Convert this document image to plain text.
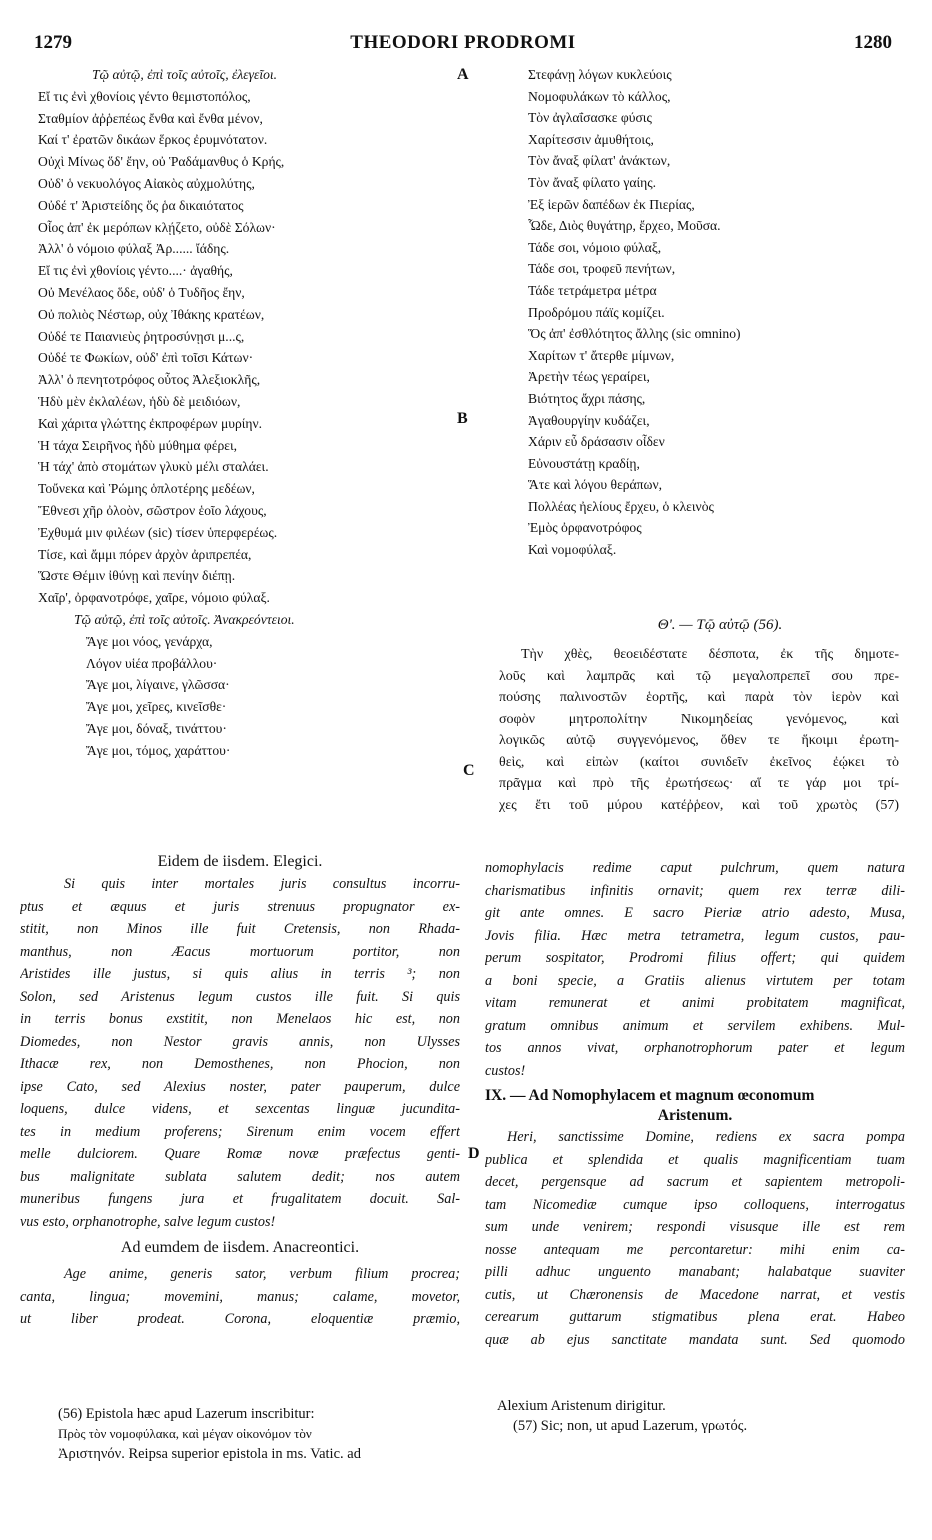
1279	THEODORI PRODROMI	1280
A
B
C
D
Τῷ αὐτῷ, ἐπὶ τοῖς αὐτοῖς, ἐλεγεῖοι.
Εἴ τις ἐνὶ χθονίοις γέντο θεμιστοπόλος,
Σταθμίον ἀῤῥεπέως ἔνθα καὶ ἔνθα μένον,
Καί τ' ἐρατῶν δικάων ἕρκος ἐρυμνότατον.
Οὐχὶ Μίνως ὅδ' ἔην, οὐ Ῥαδάμανθυς ὁ Κρής,
Οὐδ' ὁ νεκυολόγος Αἰακὸς αὐχμολύτης,
Οὐδέ τ' Ἀριστείδης ὅς ῥα δικαιότατος
Οἷος ἀπ' ἐκ μερόπων κλῄζετο, οὐδὲ Σόλων·
Ἀλλ' ὁ νόμοιο φύλαξ Ἀρ...... ἴάδης.
Εἴ τις ἐνὶ χθονίοις γέντο....· ἀγαθής,
Οὐ Μενέλαος ὅδε, οὐδ' ὁ Τυδῆος ἔην,
Οὐ πολιὸς Νέστωρ, οὐχ Ἰθάκης κρατέων,
Οὐδέ τε Παιανιεὺς ῥητροσύνῃσι μ...ς,
Οὐδέ τε Φωκίων, οὐδ' ἐπὶ τοῖσι Κάτων·
Ἀλλ' ὁ πενητοτρόφος οὗτος Ἀλεξιοκλῆς,
Ἡδὺ μὲν ἐκλαλέων, ἡδὺ δὲ μειδιόων,
Καὶ χάριτα γλώττης ἐκπροφέρων μυρίην.
Ἡ τάχα Σειρῆνος ἡδὺ μύθημα φέρει,
Ἡ τάχ' ἀπὸ στομάτων γλυκὺ μέλι σταλάει.
Τοὔνεκα καὶ Ῥώμης ὁπλοτέρης μεδέων,
Ἔθνεσι χῆρ ὀλοὸν, σῶστρον ἑοῖο λάχους,
Ἐχθυμά μιν φιλέων (sic) τίσεν ὑπερφερέως.
Τίσε, καὶ ἄμμι πόρεν ἀρχὸν ἀριπρεπέα,
Ὥστε Θέμιν ἰθύνῃ καὶ πενίην διέπῃ.
Χαῖρ', ὀρφανοτρόφε, χαῖρε, νόμοιο φύλαξ.
Τῷ αὐτῷ, ἐπὶ τοῖς αὐτοῖς. Ἀνακρεόντειοι.
Ἄγε μοι νόος, γενάρχα,
Λόγον υἱέα προβάλλου·
Ἄγε μοι, λίγαινε, γλῶσσα·
Ἄγε μοι, χεῖρες, κινεῖσθε·
Ἄγε μοι, δόναξ, τινάττου·
Ἄγε μοι, τόμος, χαράττου·
Στεφάνῃ λόγων κυκλεύοις
Νομοφυλάκων τὸ κάλλος,
Τὸν ἀγλαΐσασκε φύσις
Χαρίτεσσιν ἀμυθήτοις,
Τὸν ἄναξ φίλατ' ἀνάκτων,
Τὸν ἄναξ φίλατο γαίης.
Ἐξ ἱερῶν δαπέδων ἐκ Πιερίας,
Ὧδε, Διὸς θυγάτηρ, ἔρχεο, Μοῦσα.
Τάδε σοι, νόμοιο φύλαξ,
Τάδε σοι, τροφεῦ πενήτων,
Τάδε τετράμετρα μέτρα
Προδρόμου πάϊς κομίζει.
Ὅς ἀπ' ἐσθλότητος ἄλλης (sic omnino)
Χαρίτων τ' ἄτερθε μίμνων,
Ἀρετὴν τέως γεραίρει,
Βιότητος ἄχρι πάσης,
Ἀγαθουργίην κυδάζει,
Χάριν εὖ δράσασιν οἶδεν
Εὐνουστάτῃ κραδίῃ,
Ἅτε καὶ λόγου θεράπων,
Πολλέας ἠελίους ἔρχευ, ὁ κλεινὸς
Ἐμὸς ὀρφανοτρόφος
Καὶ νομοφύλαξ.
Θ'. — Τῷ αὐτῷ (56).
Τὴν χθὲς, θεοειδέστατε δέσποτα, ἐκ τῆς δημοτε-
λοῦς καὶ λαμπρᾶς καὶ τῷ μεγαλοπρεπεῖ σου πρε-
πούσης παλινοστῶν ἑορτῆς, καὶ παρὰ τὸν ἱερὸν καὶ
σοφὸν μητροπολίτην Νικομηδείας γενόμενος, καὶ
λογικῶς αὐτῷ συγγενόμενος, ὅθεν τε ἥκοιμι ἐρωτη-
θεὶς, καὶ εἰπὼν (καίτοι συνιδεῖν ἐκεῖνος ἐῴκει τὸ
πρᾶγμα καὶ πρὸ τῆς ἐρωτήσεως· αἵ τε γάρ μοι τρί-
χες ἔτι τοῦ μύρου κατέῤῥεον, καὶ τοῦ χρωτὸς (57)
Eidem de iisdem. Elegici.
Si quis inter mortales juris consultus incorru-
ptus et æquus et juris strenuus propugnator ex-
stitit, non Minos ille fuit Cretensis, non Rhada-
manthus, non Æacus mortuorum portitor, non
Aristides ille justus, si quis alius in terris ³; non
Solon, sed Aristenus legum custos ille fuit. Si quis
in terris bonus exstitit, non Menelaos hic est, non
Diomedes, non Nestor gravis annis, non Ulysses
Ithacæ rex, non Demosthenes, non Phocion, non
ipse Cato, sed Alexius noster, pater pauperum, dulce
loquens, dulce videns, et sexcentas linguæ jucundita-
tes in medium proferens; Sirenum enim vocem effert
melle dulciorem. Quare Romæ novæ præfectus genti-
bus malignitate sublata salutem dedit; nos autem
muneribus fungens jura et frugalitatem docuit. Sal-
vus esto, orphanotrophe, salve legum custos!
Ad eumdem de iisdem. Anacreontici.
Age anime, generis sator, verbum filium procrea;
canta, lingua; movemini, manus; calame, movetor,
ut liber prodeat. Corona, eloquentiæ præmio,
nomophylacis redime caput pulchrum, quem natura
charismatibus infinitis ornavit; quem rex terræ dili-
git ante omnes. E sacro Pieriæ atrio adesto, Musa,
Jovis filia. Hæc metra tetrametra, legum custos, pau-
perum sospitator, Prodromi filius offert; qui quidem
a boni specie, a Gratiis alienus virtutem per totam
vitam remunerat et animi probitatem magnificat,
gratum omnibus animum et servilem exhibens. Mul-
tos annos vivat, orphanotrophorum pater et legum
custos!
IX. — Ad Nomophylacem et magnum œconomum
Aristenum.
Heri, sanctissime Domine, rediens ex sacra pompa
publica et splendida et qualis magnificentiam tuam
decet, pergensque ad sacrum et sapientem metropoli-
tam Nicomediæ cumque ipso colloquens, interrogatus
sum unde venirem; respondi visusque ille est rem
nosse antequam me percontaretur: mihi enim ca-
pilli adhuc unguento manabant; halabatque suaviter
cutis, ut Chæronensis de Macedone narrat, et vestis
cerearum guttarum stigmatibus plena erat. Habeo
quæ ab ejus sanctitate mandata sunt. Sed quomodo
(56) Epistola hæc apud Lazerum inscribitur:
Πρὸς τὸν νομοφύλακα, καὶ μέγαν οἰκονόμον τὸν
Ἀριστηνόν. Reipsa superior epistola in ms. Vatic. ad
Alexium Aristenum dirigitur.
(57) Sic; non, ut apud Lazerum, γρωτός.
